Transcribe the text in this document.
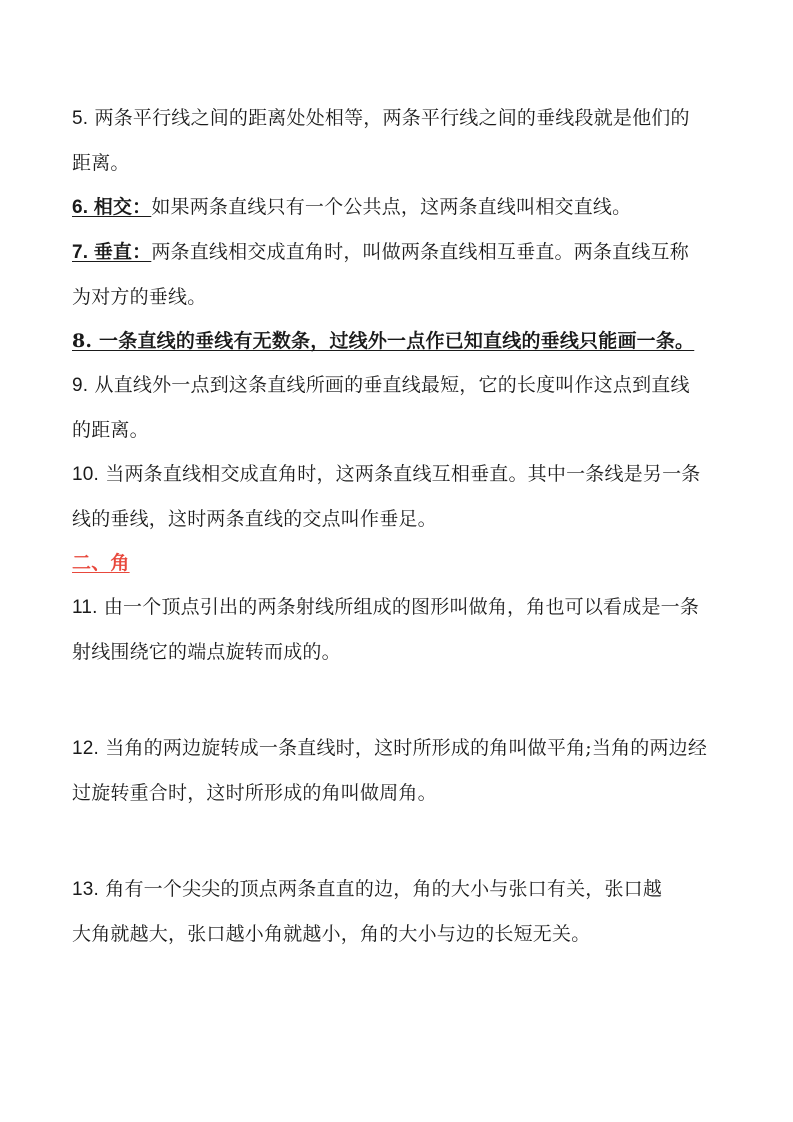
5. 两条平行线之间的距离处处相等，两条平行线之间的垂线段就是他们的
距离。
6. 相交：如果两条直线只有一个公共点，这两条直线叫相交直线。
7. 垂直：两条直线相交成直角时，叫做两条直线相互垂直。两条直线互称
为对方的垂线。
8. 一条直线的垂线有无数条，过线外一点作已知直线的垂线只能画一条。
9. 从直线外一点到这条直线所画的垂直线最短，它的长度叫作这点到直线
的距离。
10. 当两条直线相交成直角时，这两条直线互相垂直。其中一条线是另一条
线的垂线，这时两条直线的交点叫作垂足。
二、角
11. 由一个顶点引出的两条射线所组成的图形叫做角，角也可以看成是一条
射线围绕它的端点旋转而成的。
12. 当角的两边旋转成一条直线时，这时所形成的角叫做平角;当角的两边经
过旋转重合时，这时所形成的角叫做周角。
13. 角有一个尖尖的顶点两条直直的边，角的大小与张口有关，张口越
大角就越大，张口越小角就越小，角的大小与边的长短无关。
